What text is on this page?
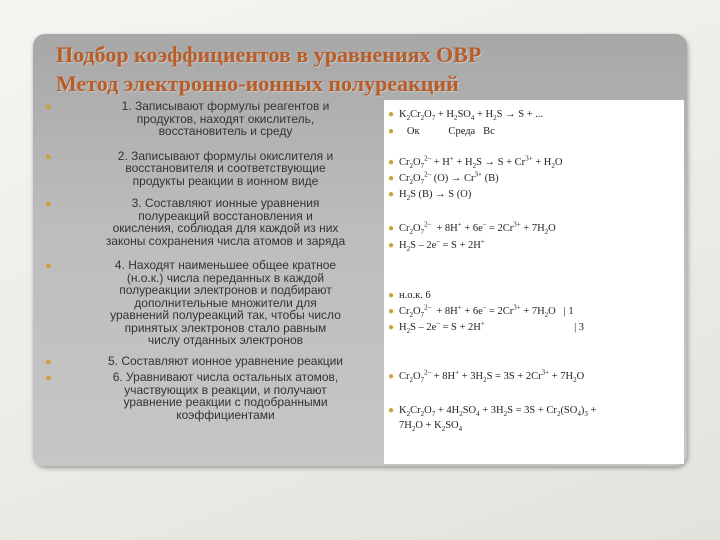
Подбор коэффициентов в уравнениях ОВР
Метод электронно-ионных полуреакций
●	1. Записывают формулы реагентов и
продуктов, находят окислитель,
восстановитель и среду
●	2. Записывают формулы окислителя и
восстановителя и соответствующие
продукты реакции в ионном виде
●	3. Составляют ионные уравнения
полуреакций восстановления и
окисления, соблюдая для каждой из них
законы сохранения числа атомов и заряда
●	4. Находят наименьшее общее кратное
(н.о.к.) числа переданных в каждой
полуреакции электронов и подбирают
дополнительные множители для
уравнений полуреакций так, чтобы число
принятых электронов стало равным
числу отданных электронов
●	5. Составляют ионное уравнение реакции
●	6. Уравнивают числа остальных атомов,
участвующих в реакции, и получают
уравнение реакции с подобранными
коэффициентами
● $K_2Cr_2O_7 + H_2SO_4 + H_2S \to S$ + ...
● Ок           Среда   Вс
● $Cr_2O_7^{2-} + H^+ + H_2S \to S + Cr^{3+} + H_2O$
● $Cr_2O_7^{2-}$ $(O) \to Cr^{3+}$ (B)
● $H_2S$ (B) → S (O)
● $Cr_2O_7^{2-} + 8H^+ + 6e^- = 2Cr^{3+} + 7H_2O$
● $H_2S - 2e^- = S + 2H^+$
● н.о.к. 6
● $Cr_2O_7^{2-} + 8H^+ + 6e^- = 2Cr^{3+} + 7H_2O$   | 1
● $H_2S - 2e^- = S + 2H^+$                                  | 3
● $Cr_2O_7^{2-} + 8H^+ + 3H_2S = 3S + 2Cr^{3+} + 7H_2O$
● $K_2Cr_2O_7 + 4H_2SO_4 + 3H_2S = 3S + Cr_2(SO_4)_3$ +
$7H_2O + K_2SO_4$
